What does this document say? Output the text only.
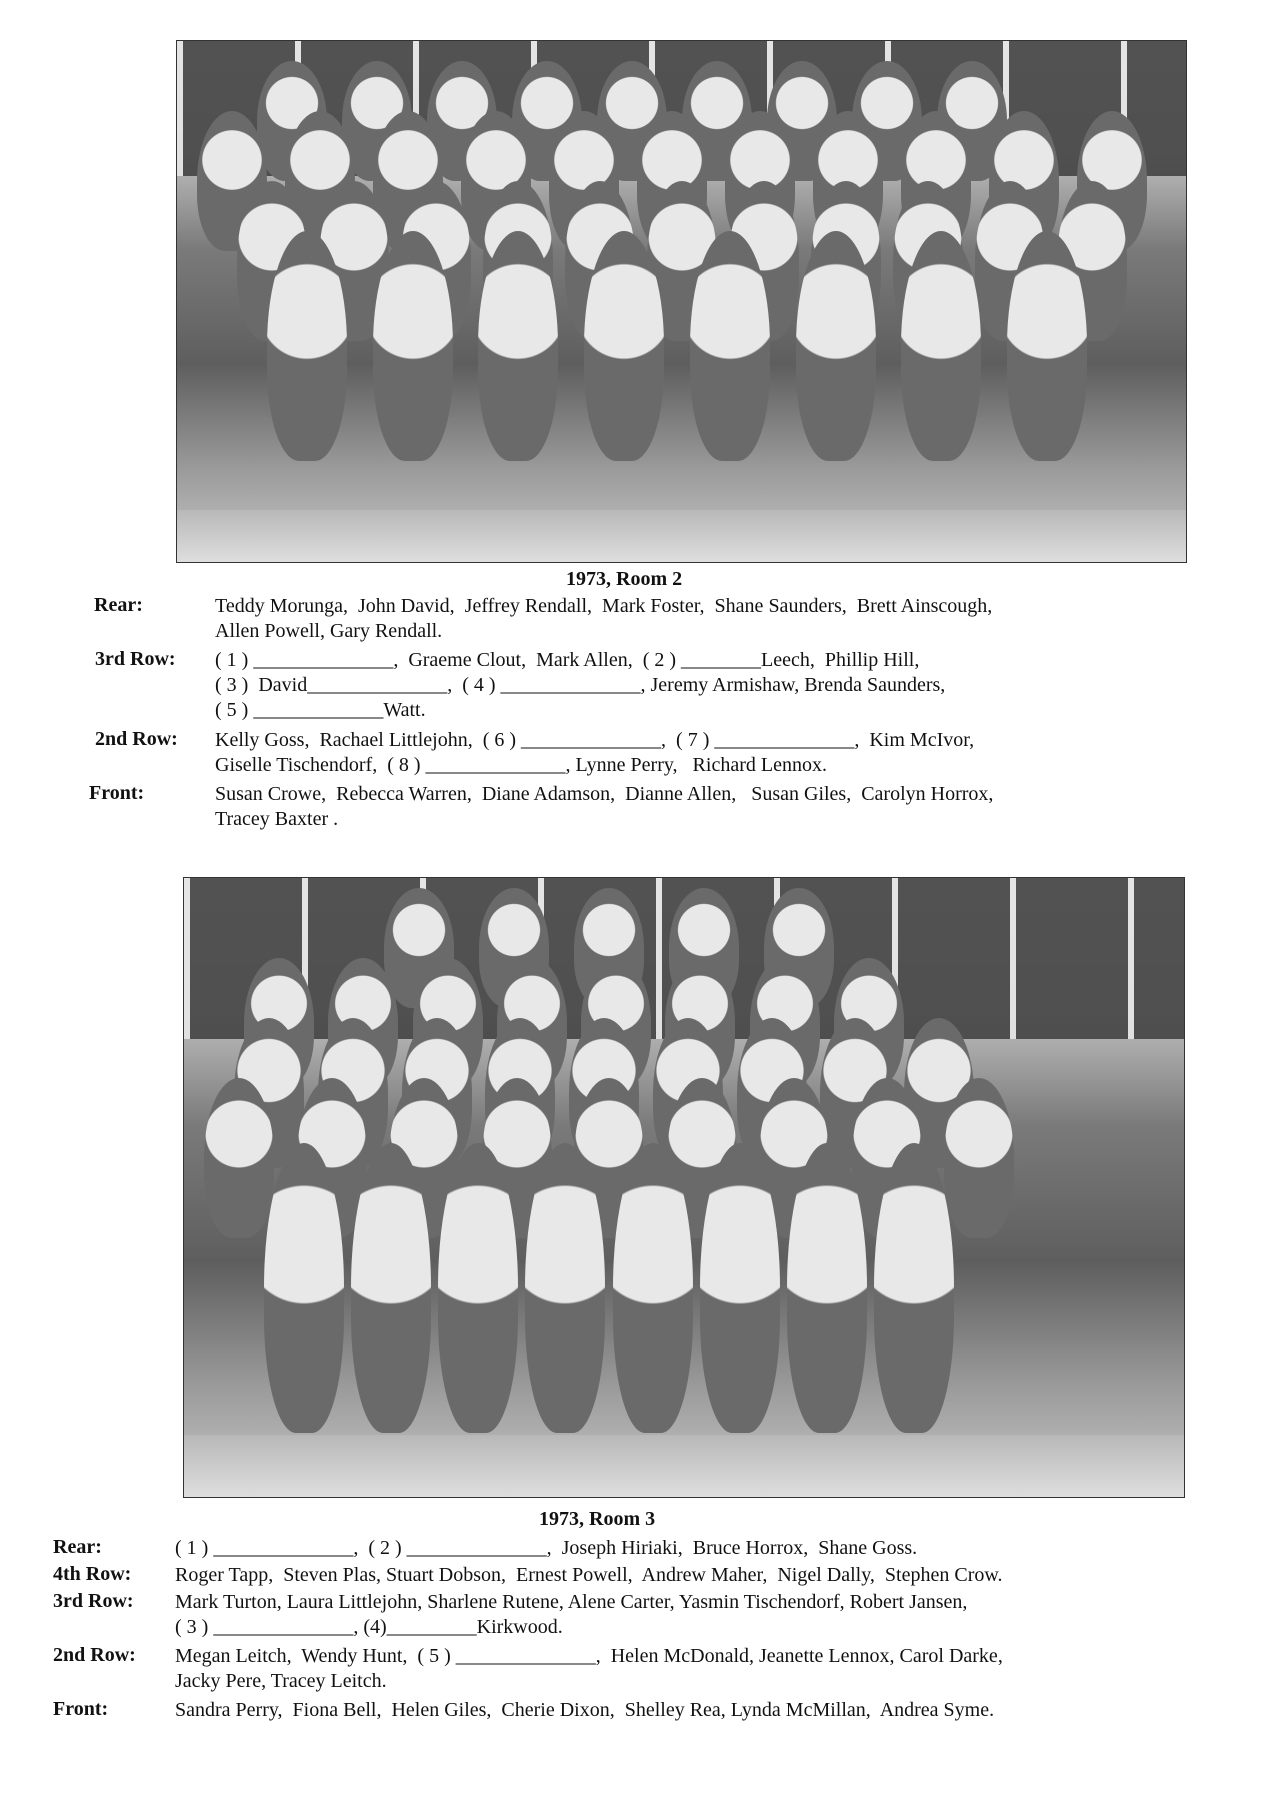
1973, Room 2
Rear:	Teddy Morunga,  John David,  Jeffrey Rendall,  Mark Foster,  Shane Saunders,  Brett Ainscough,
Allen Powell, Gary Rendall.
3rd Row: ( 1 ) ______________,  Graeme Clout,  Mark Allen,  ( 2 ) ________Leech,  Phillip Hill,
( 3 )  David______________,  ( 4 ) ______________, Jeremy Armishaw, Brenda Saunders,
( 5 ) _____________Watt.
2nd Row: Kelly Goss,  Rachael Littlejohn,  ( 6 ) ______________,  ( 7 ) ______________,  Kim McIvor,
Giselle Tischendorf,  ( 8 ) ______________, Lynne Perry,   Richard Lennox.
Front:	Susan Crowe,  Rebecca Warren,  Diane Adamson,  Dianne Allen,   Susan Giles,  Carolyn Horrox,
Tracey Baxter .
1973, Room 3
Rear:	( 1 ) ______________,  ( 2 ) ______________,  Joseph Hiriaki,  Bruce Horrox,  Shane Goss.
4th Row: Roger Tapp,  Steven Plas, Stuart Dobson,  Ernest Powell,  Andrew Maher,  Nigel Dally,  Stephen Crow.
3rd Row: Mark Turton, Laura Littlejohn, Sharlene Rutene, Alene Carter, Yasmin Tischendorf, Robert Jansen,
( 3 ) ______________, (4)_________Kirkwood.
2nd Row: Megan Leitch,  Wendy Hunt,  ( 5 ) ______________,  Helen McDonald, Jeanette Lennox, Carol Darke,
Jacky Pere, Tracey Leitch.
Front:	Sandra Perry,  Fiona Bell,  Helen Giles,  Cherie Dixon,  Shelley Rea, Lynda McMillan,  Andrea Syme.
